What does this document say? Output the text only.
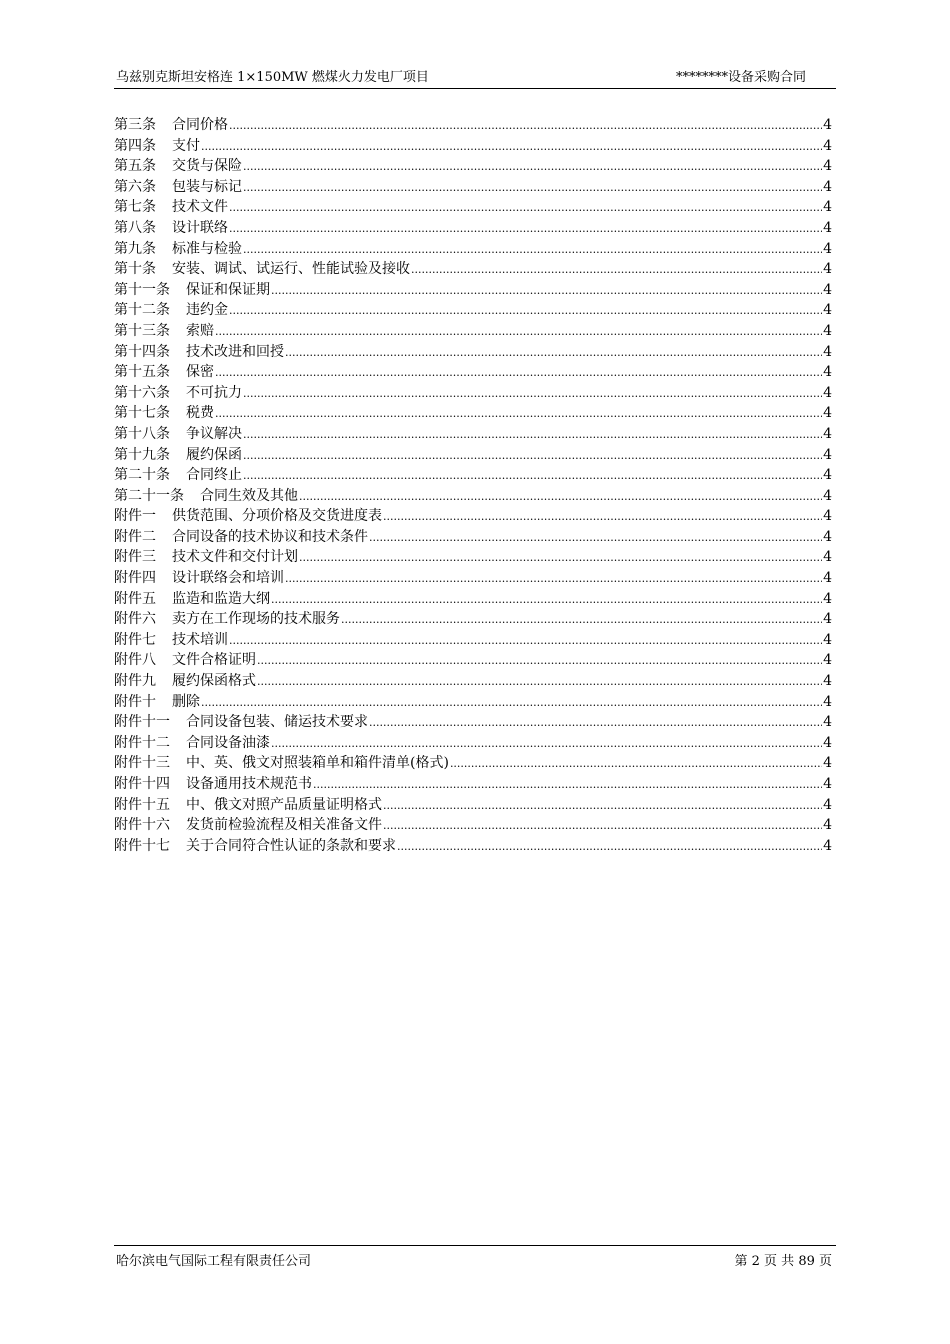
乌兹别克斯坦安格连 1×150MW 燃煤火力发电厂项目	********设备采购合同
第三条	合同价格 .....	4
第四条	支付 .....	4
第五条	交货与保险 .....	4
第六条	包装与标记 .....	4
第七条	技术文件 .....	4
第八条	设计联络 .....	4
第九条	标准与检验 .....	4
第十条	安装、调试、试运行、性能试验及接收 .....	4
第十一条	保证和保证期 .....	4
第十二条	违约金 .....	4
第十三条	索赔 .....	4
第十四条	技术改进和回授 .....	4
第十五条	保密 .....	4
第十六条	不可抗力 .....	4
第十七条	税费 .....	4
第十八条	争议解决 .....	4
第十九条	履约保函 .....	4
第二十条	合同终止 .....	4
第二十一条	合同生效及其他 .....	4
附件一	供货范围、分项价格及交货进度表 .....	4
附件二	合同设备的技术协议和技术条件 .....	4
附件三	技术文件和交付计划 .....	4
附件四	设计联络会和培训 .....	4
附件五	监造和监造大纲 .....	4
附件六	卖方在工作现场的技术服务 .....	4
附件七	技术培训 .....	4
附件八	文件合格证明 .....	4
附件九	履约保函格式 .....	4
附件十	删除 .....	4
附件十一	合同设备包装、储运技术要求 .....	4
附件十二	合同设备油漆 .....	4
附件十三	中、英、俄文对照装箱单和箱件清单(格式) .....	4
附件十四	设备通用技术规范书 .....	4
附件十五	中、俄文对照产品质量证明格式 .....	4
附件十六	发货前检验流程及相关准备文件 .....	4
附件十七	关于合同符合性认证的条款和要求 .....	4
哈尔滨电气国际工程有限责任公司	第 2 页 共 89 页
